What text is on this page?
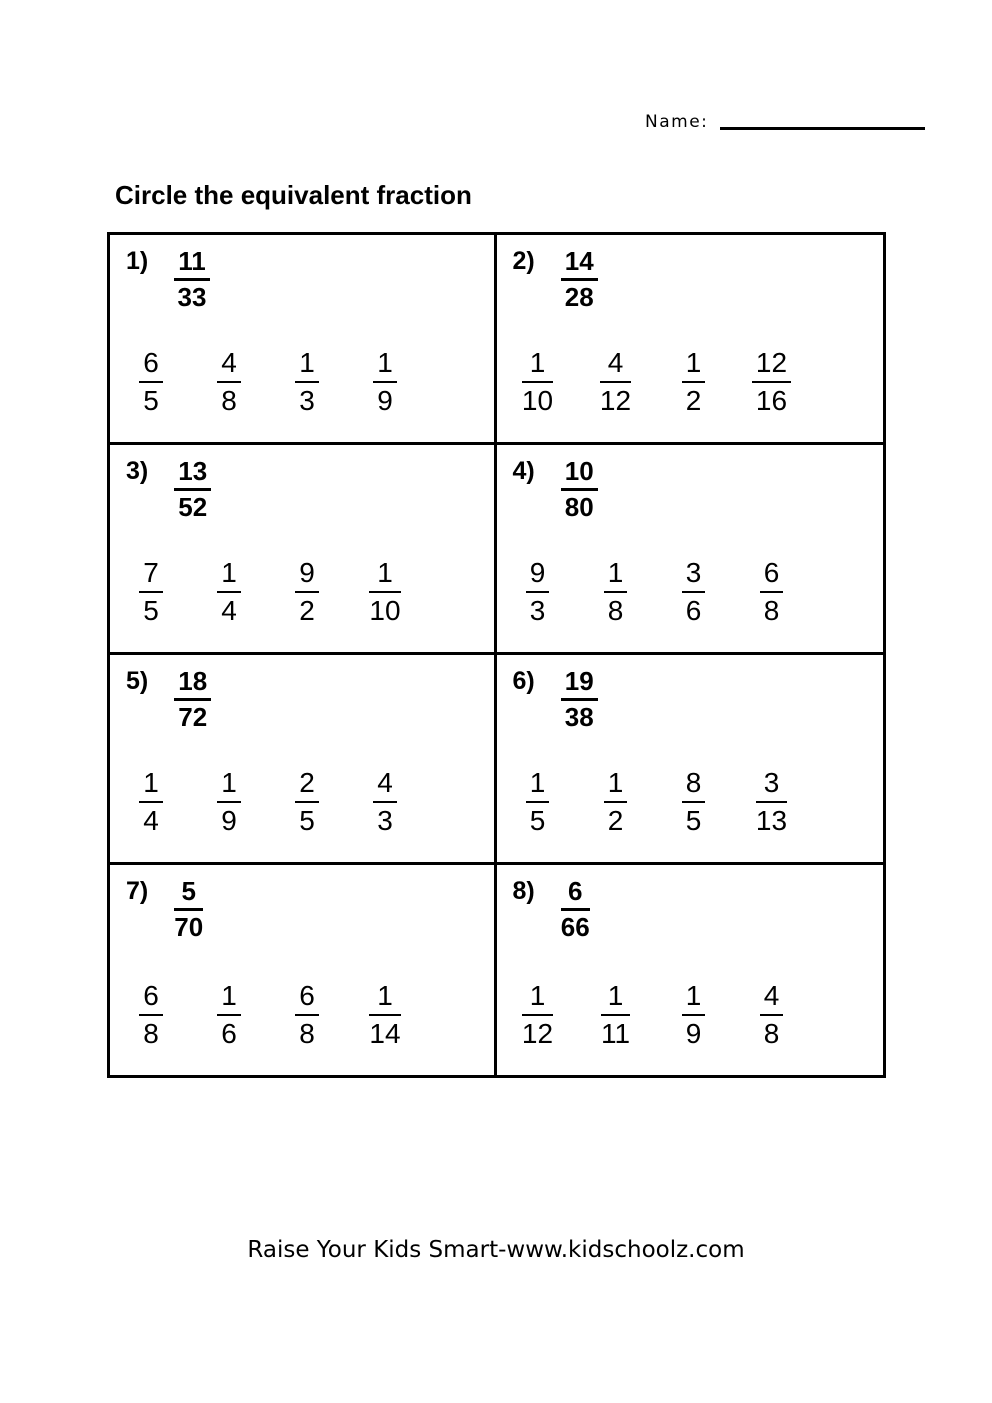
Name:
Circle the equivalent fraction
$1) \frac{11}{33}$
$\frac{6}{5} \frac{4}{8} \frac{1}{3} \frac{1}{9}$
$2) \frac{14}{28}$
$\frac{1}{10} \frac{4}{12} \frac{1}{2} \frac{12}{16}$
$3) \frac{13}{52}$
$\frac{7}{5} \frac{1}{4} \frac{9}{2} \frac{1}{10}$
$4) \frac{10}{80}$
$\frac{9}{3} \frac{1}{8} \frac{3}{6} \frac{6}{8}$
$5) \frac{18}{72}$
$\frac{1}{4} \frac{1}{9} \frac{2}{5} \frac{4}{3}$
$6) \frac{19}{38}$
$\frac{1}{5} \frac{1}{2} \frac{8}{5} \frac{3}{13}$
$7) \frac{5}{70}$
$\frac{6}{8} \frac{1}{6} \frac{6}{8} \frac{1}{14}$
$8) \frac{6}{66}$
$\frac{1}{12} \frac{1}{11} \frac{1}{9} \frac{4}{8}$
Raise Your Kids Smart-www.kidschoolz.com
